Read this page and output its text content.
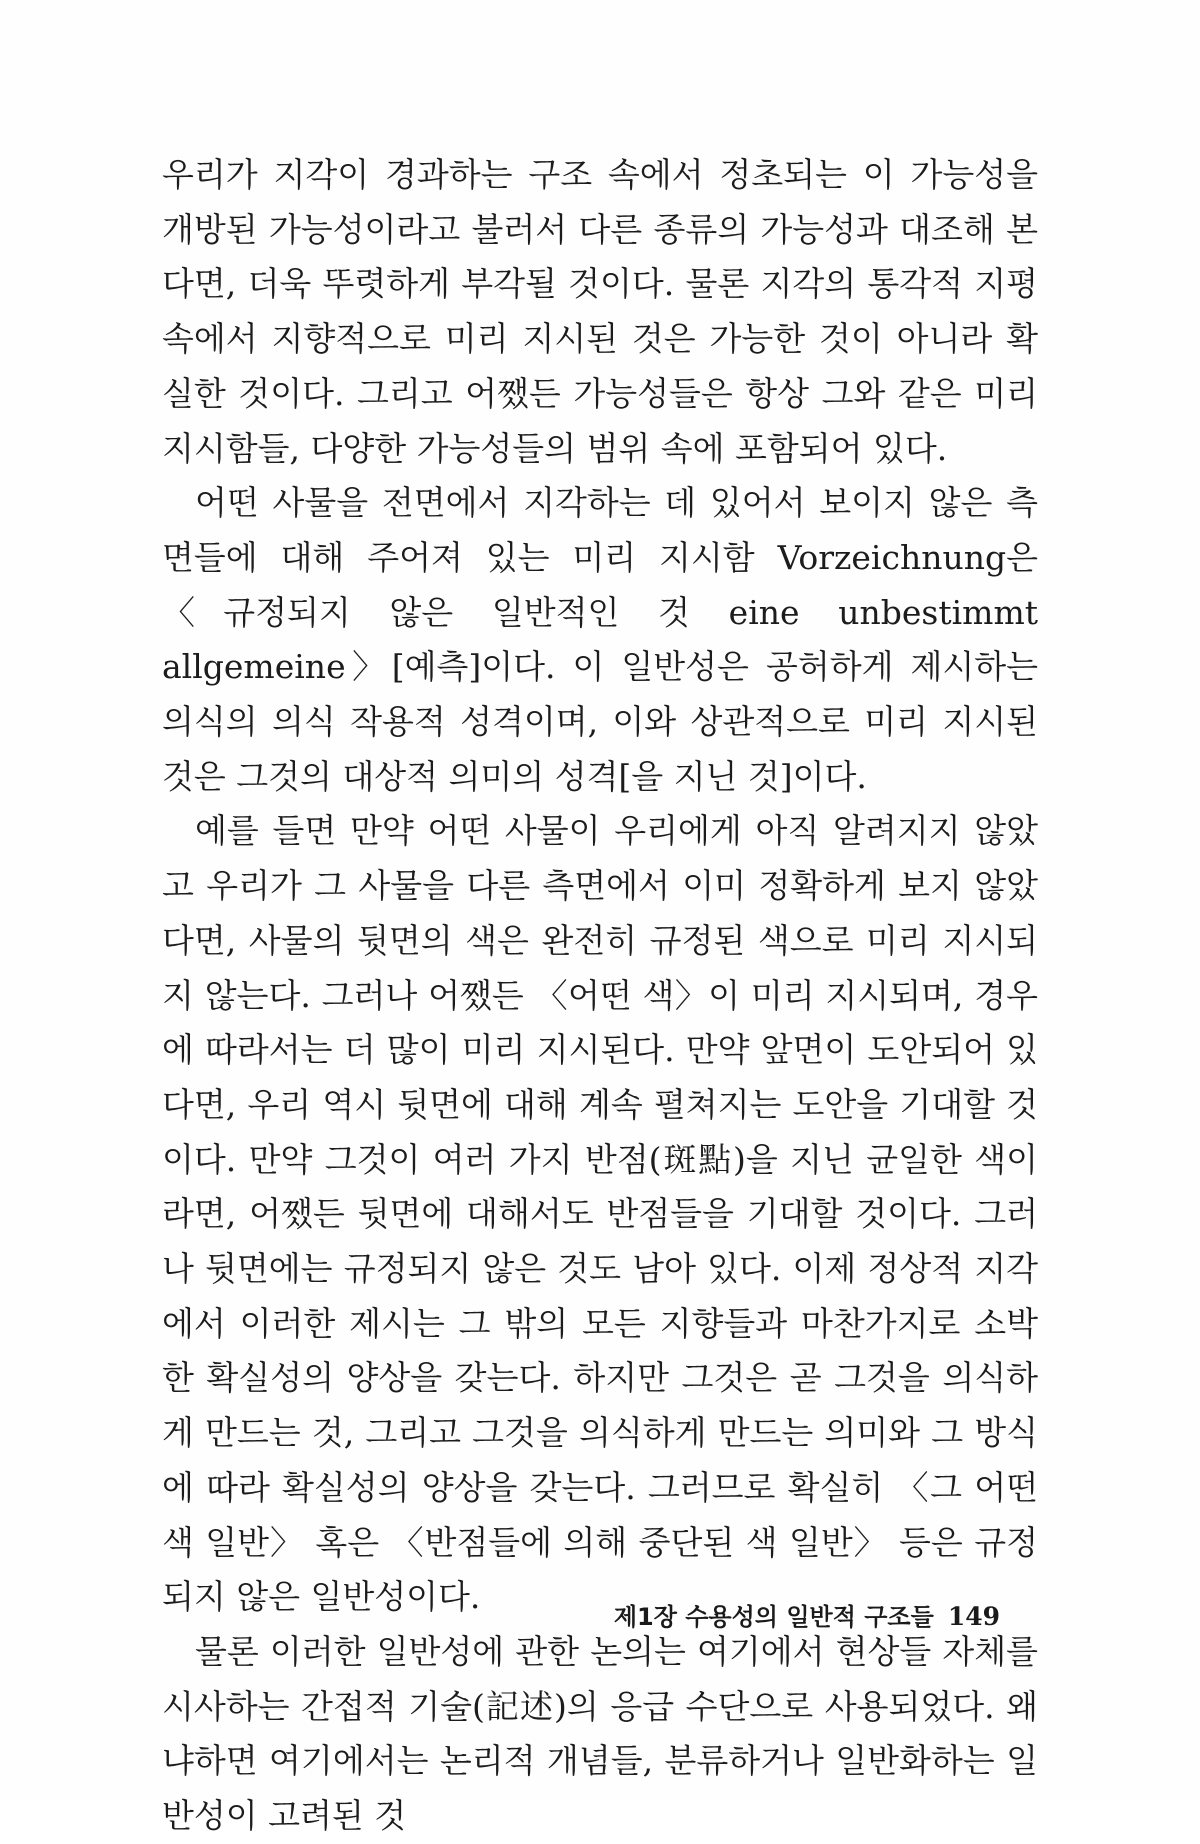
우리가 지각이 경과하는 구조 속에서 정초되는 이 가능성을 개방된 가능성이라고 불러서 다른 종류의 가능성과 대조해 본다면, 더욱 뚜렷하게 부각될 것이다. 물론 지각의 통각적 지평 속에서 지향적으로 미리 지시된 것은 가능한 것이 아니라 확실한 것이다. 그리고 어쨌든 가능성들은 항상 그와 같은 미리 지시함들, 다양한 가능성들의 범위 속에 포함되어 있다.

어떤 사물을 전면에서 지각하는 데 있어서 보이지 않은 측면들에 대해 주어져 있는 미리 지시함 Vorzeichnung은 〈규정되지 않은 일반적인 것 eine unbestimmt allgemeine〉[예측]이다. 이 일반성은 공허하게 제시하는 의식의 의식 작용적 성격이며, 이와 상관적으로 미리 지시된 것은 그것의 대상적 의미의 성격[을 지닌 것]이다.

예를 들면 만약 어떤 사물이 우리에게 아직 알려지지 않았고 우리가 그 사물을 다른 측면에서 이미 정확하게 보지 않았다면, 사물의 뒷면의 색은 완전히 규정된 색으로 미리 지시되지 않는다. 그러나 어쨌든 〈어떤 색〉이 미리 지시되며, 경우에 따라서는 더 많이 미리 지시된다. 만약 앞면이 도안되어 있다면, 우리 역시 뒷면에 대해 계속 펼쳐지는 도안을 기대할 것이다. 만약 그것이 여러 가지 반점(斑點)을 지닌 균일한 색이라면, 어쨌든 뒷면에 대해서도 반점들을 기대할 것이다. 그러나 뒷면에는 규정되지 않은 것도 남아 있다. 이제 정상적 지각에서 이러한 제시는 그 밖의 모든 지향들과 마찬가지로 소박한 확실성의 양상을 갖는다. 하지만 그것은 곧 그것을 의식하게 만드는 것, 그리고 그것을 의식하게 만드는 의미와 그 방식에 따라 확실성의 양상을 갖는다. 그러므로 확실히 〈그 어떤 색 일반〉 혹은 〈반점들에 의해 중단된 색 일반〉 등은 규정되지 않은 일반성이다.

물론 이러한 일반성에 관한 논의는 여기에서 현상들 자체를 시사하는 간접적 기술(記述)의 응급 수단으로 사용되었다. 왜냐하면 여기에서는 논리적 개념들, 분류하거나 일반화하는 일반성이 고려된 것

제1장 수용성의 일반적 구조들 149
